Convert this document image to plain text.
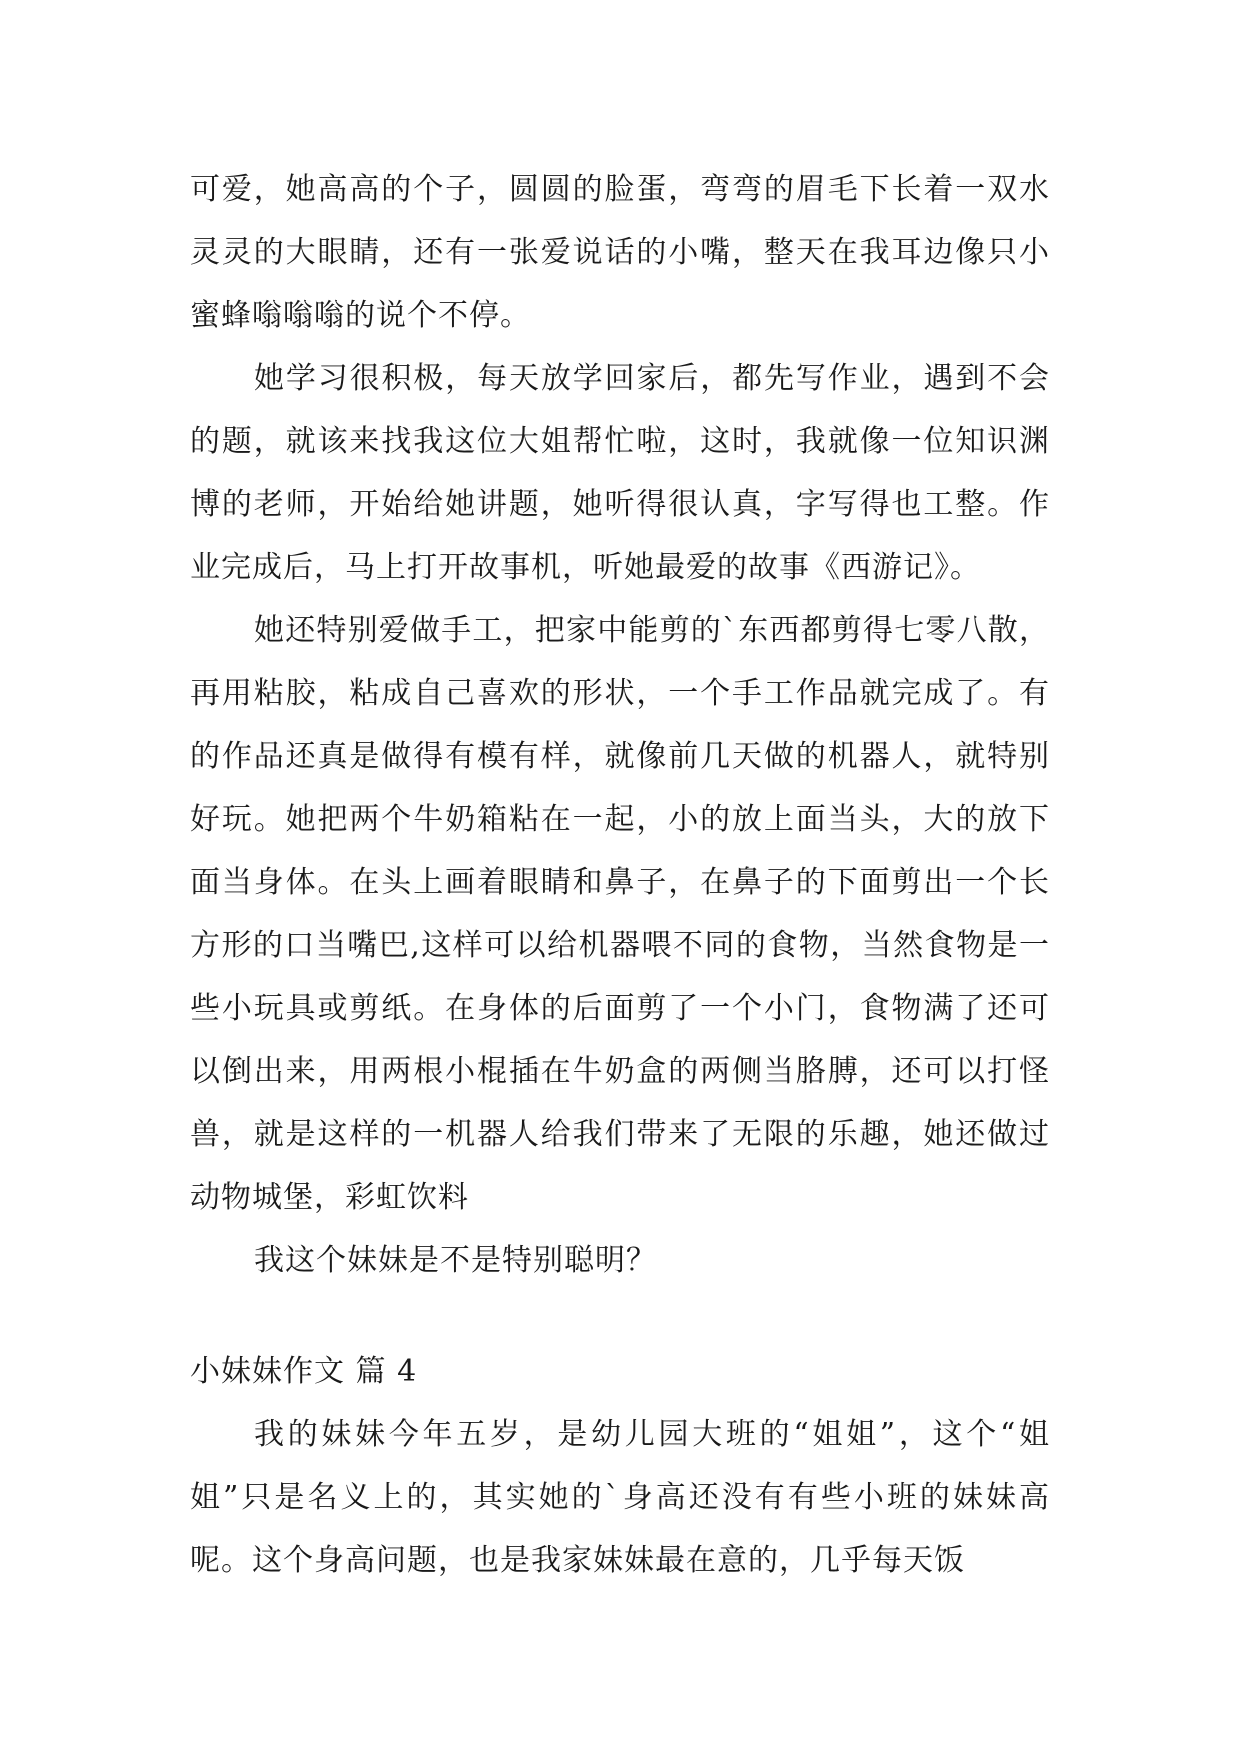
可爱，她高高的个子，圆圆的脸蛋，弯弯的眉毛下长着一双水灵灵的大眼睛，还有一张爱说话的小嘴，整天在我耳边像只小蜜蜂嗡嗡嗡的说个不停。

她学习很积极，每天放学回家后，都先写作业，遇到不会的题，就该来找我这位大姐帮忙啦，这时，我就像一位知识渊博的老师，开始给她讲题，她听得很认真，字写得也工整。作业完成后，马上打开故事机，听她最爱的故事《西游记》。

她还特别爱做手工，把家中能剪的`东西都剪得七零八散，再用粘胶，粘成自己喜欢的形状，一个手工作品就完成了。有的作品还真是做得有模有样，就像前几天做的机器人，就特别好玩。她把两个牛奶箱粘在一起，小的放上面当头，大的放下面当身体。在头上画着眼睛和鼻子，在鼻子的下面剪出一个长方形的口当嘴巴,这样可以给机器喂不同的食物，当然食物是一些小玩具或剪纸。在身体的后面剪了一个小门，食物满了还可以倒出来，用两根小棍插在牛奶盒的两侧当胳膊，还可以打怪兽，就是这样的一机器人给我们带来了无限的乐趣，她还做过动物城堡，彩虹饮料

我这个妹妹是不是特别聪明？

小妹妹作文 篇 4

我的妹妹今年五岁，是幼儿园大班的“姐姐”，这个“姐姐”只是名义上的，其实她的`身高还没有有些小班的妹妹高呢。这个身高问题，也是我家妹妹最在意的，几乎每天饭
